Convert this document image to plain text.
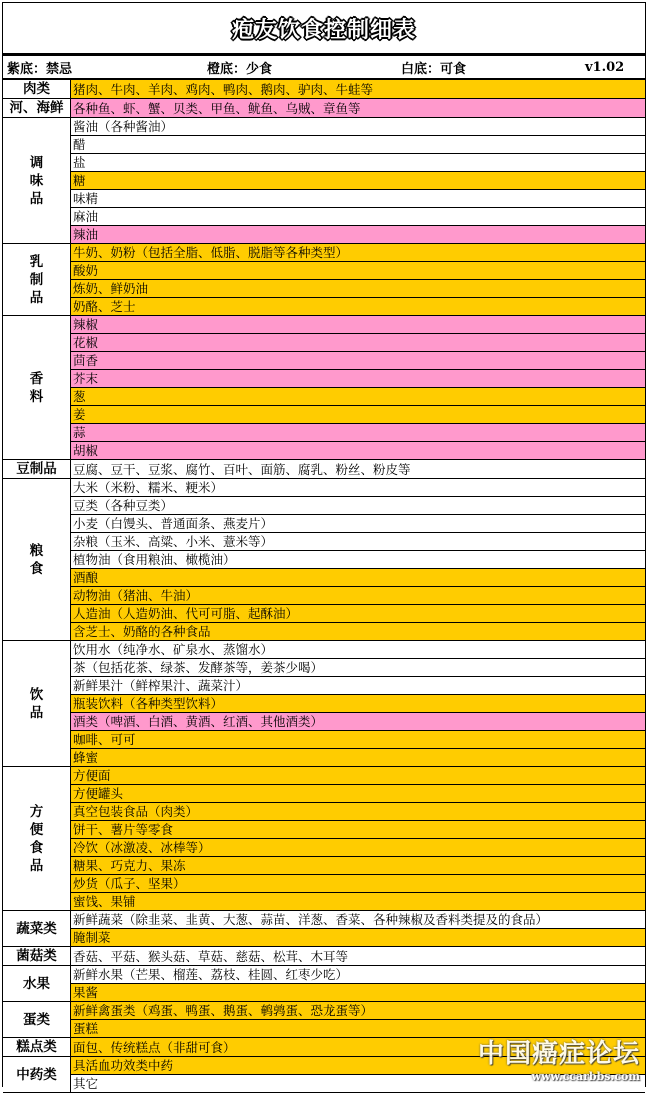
疱友饮食控制细表
紫底：禁忌	橙底：少食	白底：可食	v1.02
肉类	猪肉、牛肉、羊肉、鸡肉、鸭肉、鹅肉、驴肉、牛蛙等
河、海鲜	各种鱼、虾、蟹、贝类、甲鱼、鱿鱼、乌贼、章鱼等

调味品	酱油（各种酱油）
	醋
	盐
	糖
	味精
	麻油
	辣油

乳制品	牛奶、奶粉（包括全脂、低脂、脱脂等各种类型）
	酸奶
	炼奶、鲜奶油
	奶酪、芝士

香料	辣椒
	花椒
	茴香
	芥末
	葱
	姜
	蒜
	胡椒
豆制品	豆腐、豆干、豆浆、腐竹、百叶、面筋、腐乳、粉丝、粉皮等

粮食	大米（米粉、糯米、粳米）
	豆类（各种豆类）
	小麦（白馒头、普通面条、燕麦片）
	杂粮（玉米、高粱、小米、薏米等）
	植物油（食用粮油、橄榄油）
	酒酿
	动物油（猪油、牛油）
	人造油（人造奶油、代可可脂、起酥油）
	含芝士、奶酪的各种食品

饮品	饮用水（纯净水、矿泉水、蒸馏水）
	茶（包括花茶、绿茶、发酵茶等，姜茶少喝）
	新鲜果汁（鲜榨果汁、蔬菜汁）
	瓶装饮料（各种类型饮料）
	酒类（啤酒、白酒、黄酒、红酒、其他酒类）
	咖啡、可可
	蜂蜜

方便食品	方便面
	方便罐头
	真空包装食品（肉类）
	饼干、薯片等零食
	冷饮（冰激凌、冰棒等）
	糖果、巧克力、果冻
	炒货（瓜子、坚果）
	蜜饯、果铺
蔬菜类	新鲜蔬菜（除韭菜、韭黄、大葱、蒜苗、洋葱、香菜、各种辣椒及香料类提及的食品）
	腌制菜
菌菇类	香菇、平菇、猴头菇、草菇、慈菇、松茸、木耳等
水果	新鲜水果（芒果、榴莲、荔枝、桂圆、红枣少吃）
	果酱
蛋类	新鲜禽蛋类（鸡蛋、鸭蛋、鹅蛋、鹌鹑蛋、恐龙蛋等）
	蛋糕
糕点类	面包、传统糕点（非甜可食）
中药类	具活血功效类中药
	其它
中国癌症论坛
www.ccarbbs.com
